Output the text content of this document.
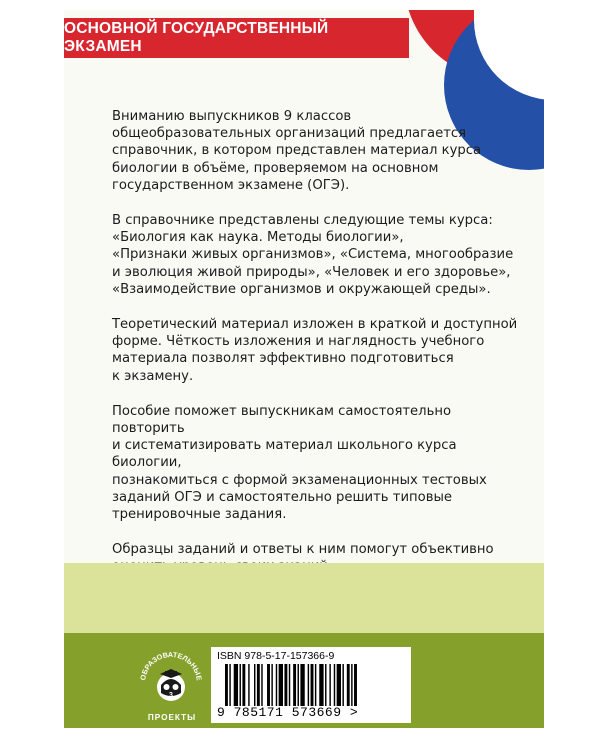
ОСНОВНОЙ ГОСУДАРСТВЕННЫЙ ЭКЗАМЕН

Вниманию выпускников 9 классов
общеобразовательных организаций предлагается
справочник, в котором представлен материал курса
биологии в объёме, проверяемом на основном
государственном экзамене (ОГЭ).

В справочнике представлены следующие темы курса:
«Биология как наука. Методы биологии»,
«Признаки живых организмов», «Система, многообразие
и эволюция живой природы», «Человек и его здоровье»,
«Взаимодействие организмов и окружающей среды».

Теоретический материал изложен в краткой и доступной
форме. Чёткость изложения и наглядность учебного
материала позволят эффективно подготовиться
к экзамену.

Пособие поможет выпускникам самостоятельно повторить
и систематизировать материал школьного курса биологии,
познакомиться с формой экзаменационных тестовых
заданий ОГЭ и самостоятельно решить типовые
тренировочные задания.

Образцы заданий и ответы к ним помогут объективно

ОБРАЗОВАТЕЛЬНЫЕ
3
ПРОЕКТЫ
ISBN 978-5-17-157366-9
9 785171 573669 >
